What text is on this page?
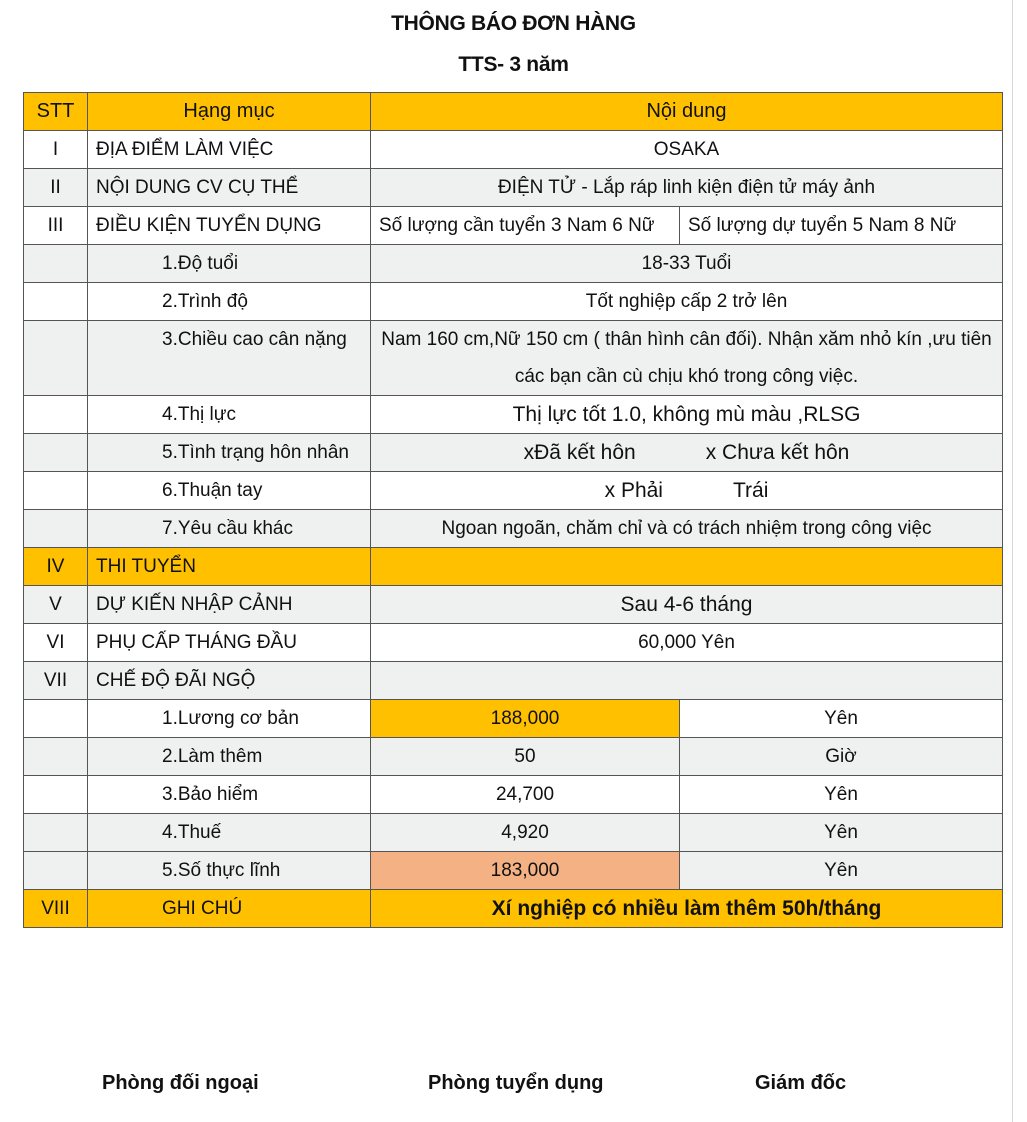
THÔNG BÁO ĐƠN HÀNG
TTS- 3 năm
STT	Hạng mục	Nội dung	
I	ĐỊA ĐIỂM LÀM VIỆC	OSAKA	
II	NỘI DUNG CV CỤ THỂ	ĐIỆN TỬ - Lắp ráp linh kiện điện tử máy ảnh	
III	ĐIỀU KIỆN TUYỂN DỤNG	Số lượng cần tuyển 3 Nam 6 Nữ	Số lượng dự tuyển 5 Nam 8 Nữ
	1.Độ tuổi	18-33 Tuổi	
	2.Trình độ	Tốt nghiệp cấp 2 trở lên	
	3.Chiều cao cân nặng	Nam 160 cm,Nữ 150 cm ( thân hình cân đối). Nhận xăm nhỏ kín ,ưu tiên các bạn cần cù chịu khó trong công việc.	
	4.Thị lực	Thị lực tốt 1.0, không mù màu ,RLSG	
	5.Tình trạng hôn nhân	xĐã kết hôn x Chưa kết hôn	
	6.Thuận tay	x Phải Trái	
	7.Yêu cầu khác	Ngoan ngoãn, chăm chỉ và có trách nhiệm trong công việc	
IV	THI TUYỂN		
V	DỰ KIẾN NHẬP CẢNH	Sau 4-6 tháng	
VI	PHỤ CẤP THÁNG ĐẦU	60,000 Yên	
VII	CHẾ ĐỘ ĐÃI NGỘ		
	1.Lương cơ bản	188,000	Yên
	2.Làm thêm	50	Giờ
	3.Bảo hiểm	24,700	Yên
	4.Thuế	4,920	Yên
	5.Số thực lĩnh	183,000	Yên
VIII	GHI CHÚ	Xí nghiệp có nhiều làm thêm 50h/tháng	
Phòng đối ngoại	Phòng tuyển dụng	Giám đốc
